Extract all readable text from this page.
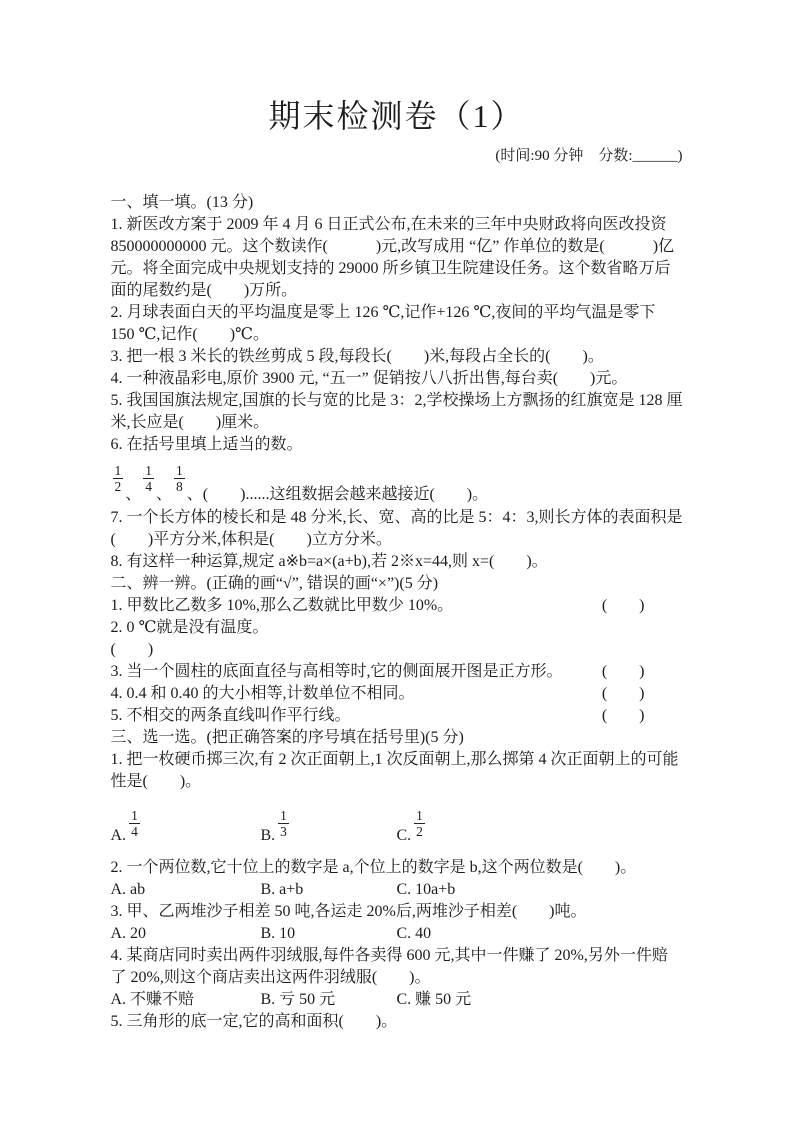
期末检测卷（1）
(时间:90 分钟　分数:______)
一、填一填。(13 分)

1. 新医改方案于 2009 年 4 月 6 日正式公布,在未来的三年中央财政将向医改投资 850000000000 元。这个数读作(　　　)元,改写成用 “亿” 作单位的数是(　　　)亿元。将全面完成中央规划支持的 29000 所乡镇卫生院建设任务。这个数省略万后面的尾数约是(　　)万所。

2. 月球表面白天的平均温度是零上 126 ℃,记作+126 ℃,夜间的平均气温是零下 150 ℃,记作(　　)℃。

3. 把一根 3 米长的铁丝剪成 5 段,每段长(　　)米,每段占全长的(　　)。

4. 一种液晶彩电,原价 3900 元, “五一” 促销按八八折出售,每台卖(　　)元。

5. 我国国旗法规定,国旗的长与宽的比是 3：2,学校操场上方飘扬的红旗宽是 128 厘米,长应是(　　)厘米。

6. 在括号里填上适当的数。

$\frac{1}{2}$
、
$\frac{1}{4}$
、
$\frac{1}{8}$
、 (　　)......这组数据会越来越接近(　　)。

7. 一个长方体的棱长和是 48 分米,长、宽、高的比是 5：4：3,则长方体的表面积是(　　)平方分米,体积是(　　)立方分米。

8. 有这样一种运算,规定 a※b=a×(a+b),若 2※x=44,则 x=(　　)。

二、辨一辨。(正确的画“√”, 错误的画“×”)(5 分)
1. 甲数比乙数多 10%,那么乙数就比甲数少 10%。	(　　)

2. 0 ℃就是没有温度。

(　　)

3. 当一个圆柱的底面直径与高相等时,它的侧面展开图是正方形。 (　　)
4. 0.4 和 0.40 的大小相等,计数单位不相同。	(　　)
5. 不相交的两条直线叫作平行线。	(　　)
三、选一选。(把正确答案的序号填在括号里)(5 分)

1. 把一枚硬币掷三次,有 2 次正面朝上,1 次反面朝上,那么掷第 4 次正面朝上的可能性是(　　)。

A. $\frac{1}{4}$	B. $\frac{1}{3}$	C. $\frac{1}{2}$

2. 一个两位数,它十位上的数字是 a,个位上的数字是 b,这个两位数是(　　)。

A. ab	B. a+b	C. 10a+b

3. 甲、乙两堆沙子相差 50 吨,各运走 20%后,两堆沙子相差(　　)吨。

A. 20	B. 10	C. 40

4. 某商店同时卖出两件羽绒服,每件各卖得 600 元,其中一件赚了 20%,另外一件赔了 20%,则这个商店卖出这两件羽绒服(　　)。

A. 不赚不赔	B. 亏 50 元	C. 赚 50 元

5. 三角形的底一定,它的高和面积(　　)。
